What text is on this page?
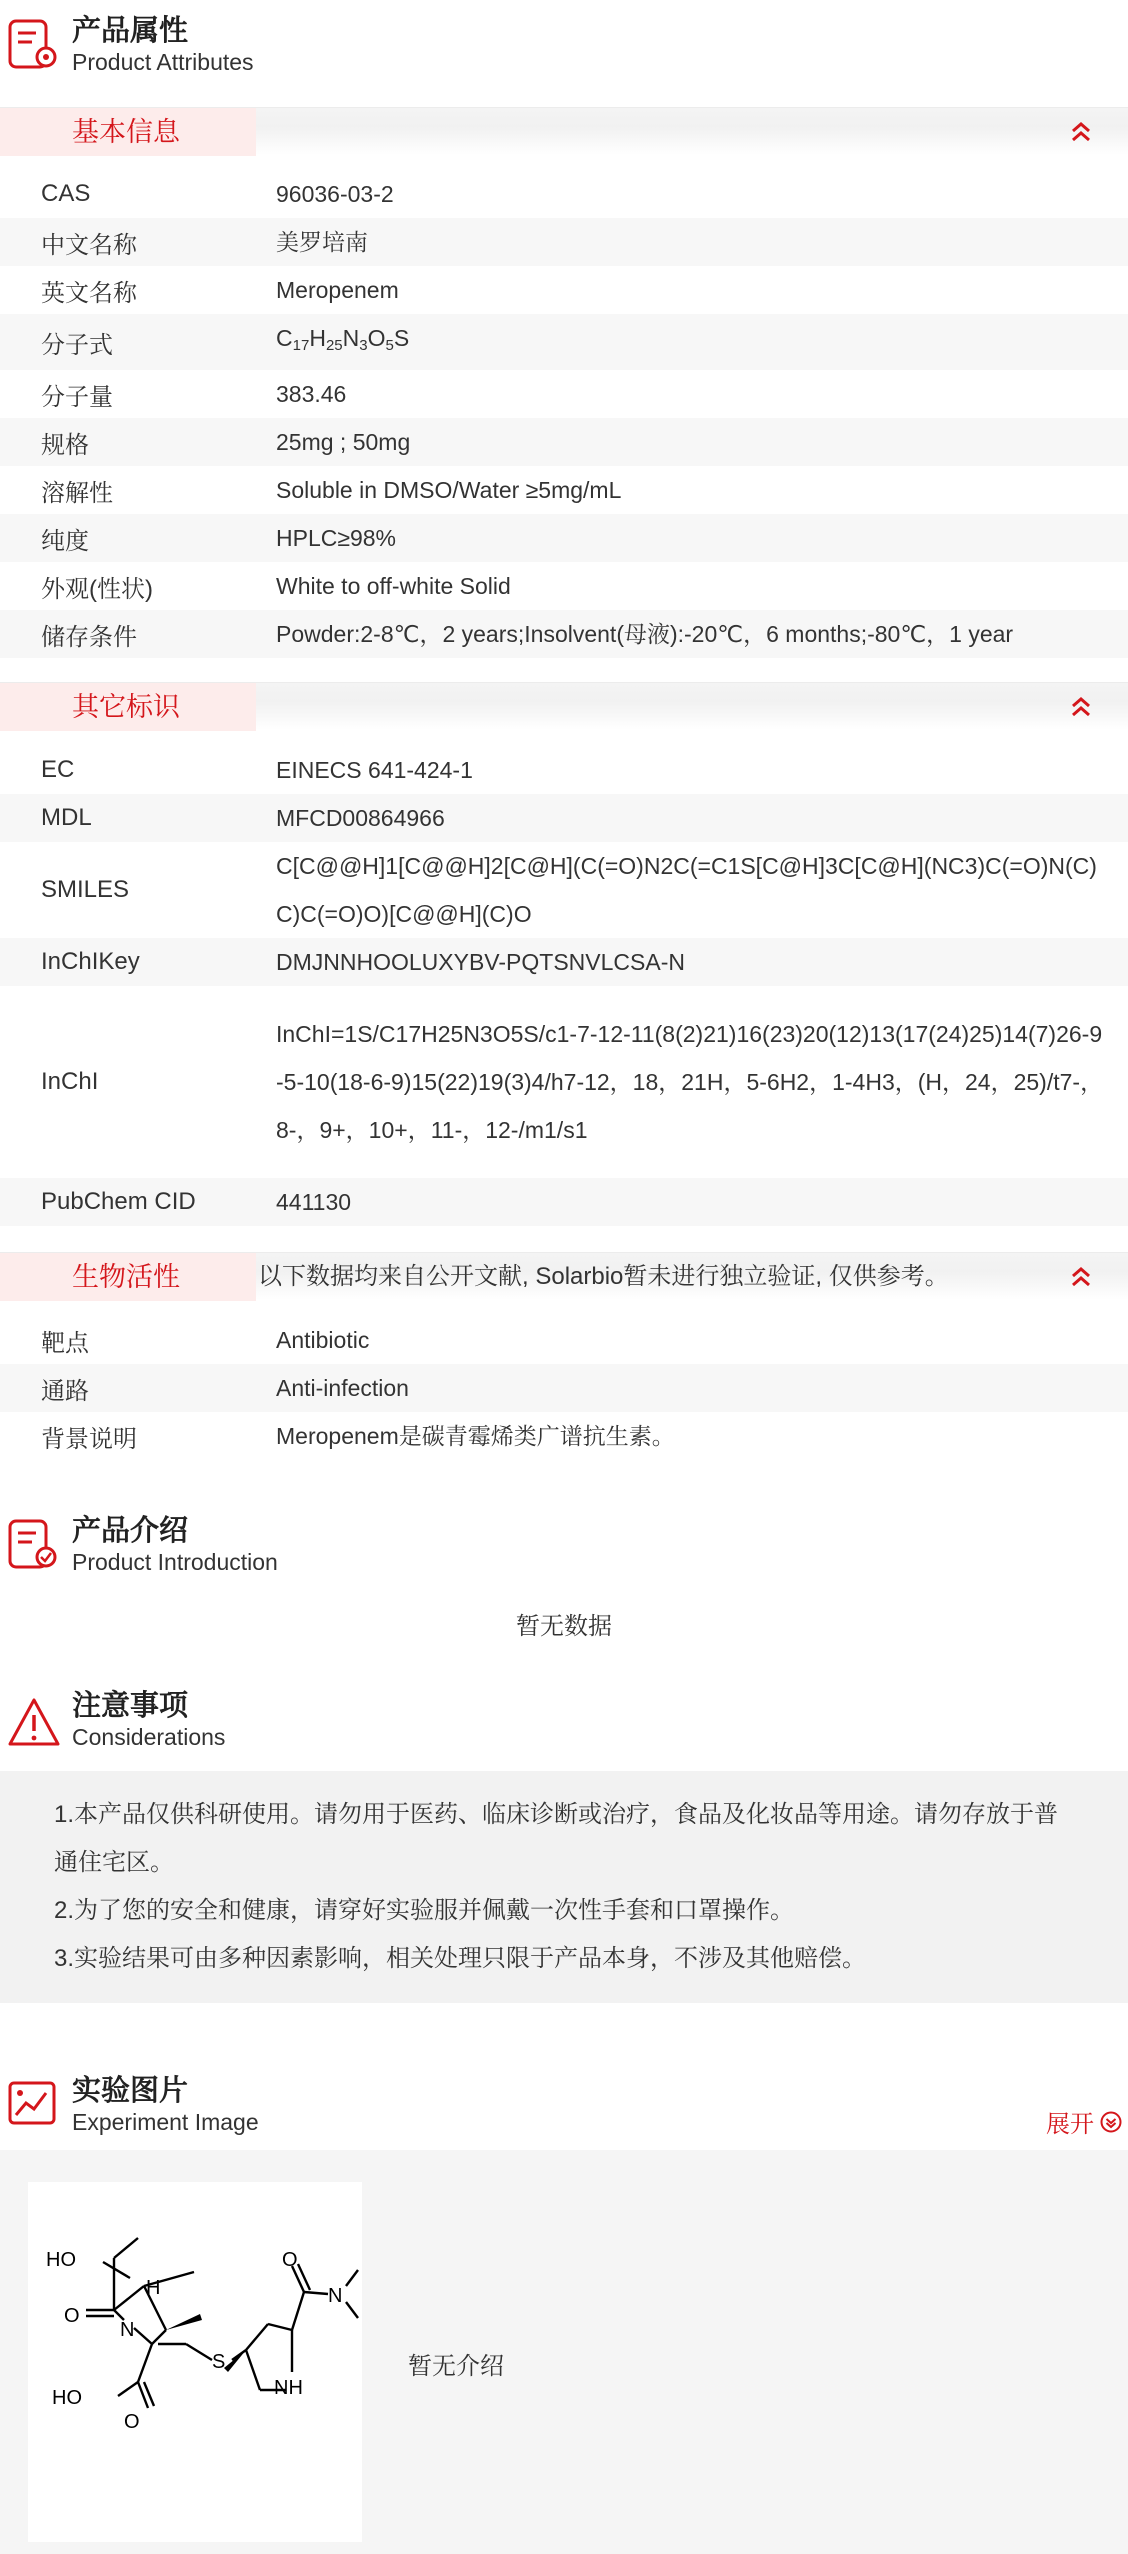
产品属性
Product Attributes
基本信息
CAS	96036-03-2
中文名称	美罗培南
英文名称	Meropenem
分子式	$C_{17}H_{25}N_3O_5S$
分子量	383.46
规格	25mg ; 50mg
溶解性	Soluble in DMSO/Water ≥5mg/mL
纯度	HPLC≥98%
外观(性状)	White to off-white Solid
储存条件	Powder:2-8℃，2 years;Insolvent(母液):-20℃，6 months;-80℃，1 year
其它标识
EC	EINECS 641-424-1
MDL	MFCD00864966
SMILES
C[C@@H]1[C@@H]2[C@H](C(=O)N2C(=C1S[C@H]3C[C@H](NC3)C(=O)N(C)C)C(=O)O)[C@@H](C)O
InChIKey	DMJNNHOOLUXYBV-PQTSNVLCSA-N
InChI
InChI=1S/C17H25N3O5S/c1-7-12-11(8(2)21)16(23)20(12)13(17(24)25)14(7)26-9-5-10(18-6-9)15(22)19(3)4/h7-12，18，21H，5-6H2，1-4H3，(H，24，25)/t7-，8-，9+，10+，11-，12-/m1/s1
PubChem CID	441130
生物活性	以下数据均来自公开文献, Solarbio暂未进行独立验证, 仅供参考。
靶点	Antibiotic
通路	Anti-infection
背景说明	Meropenem是碳青霉烯类广谱抗生素。
产品介绍
Product Introduction
暂无数据
注意事项
Considerations

1.本产品仅供科研使用。请勿用于医药、临床诊断或治疗，食品及化妆品等用途。请勿存放于普通住宅区。

2.为了您的安全和健康，请穿好实验服并佩戴一次性手套和口罩操作。

3.实验结果可由多种因素影响，相关处理只限于产品本身，不涉及其他赔偿。

实验图片
Experiment Image	展开
HO
H
O
N
S
O
N
NH
HO
O
暂无介绍
